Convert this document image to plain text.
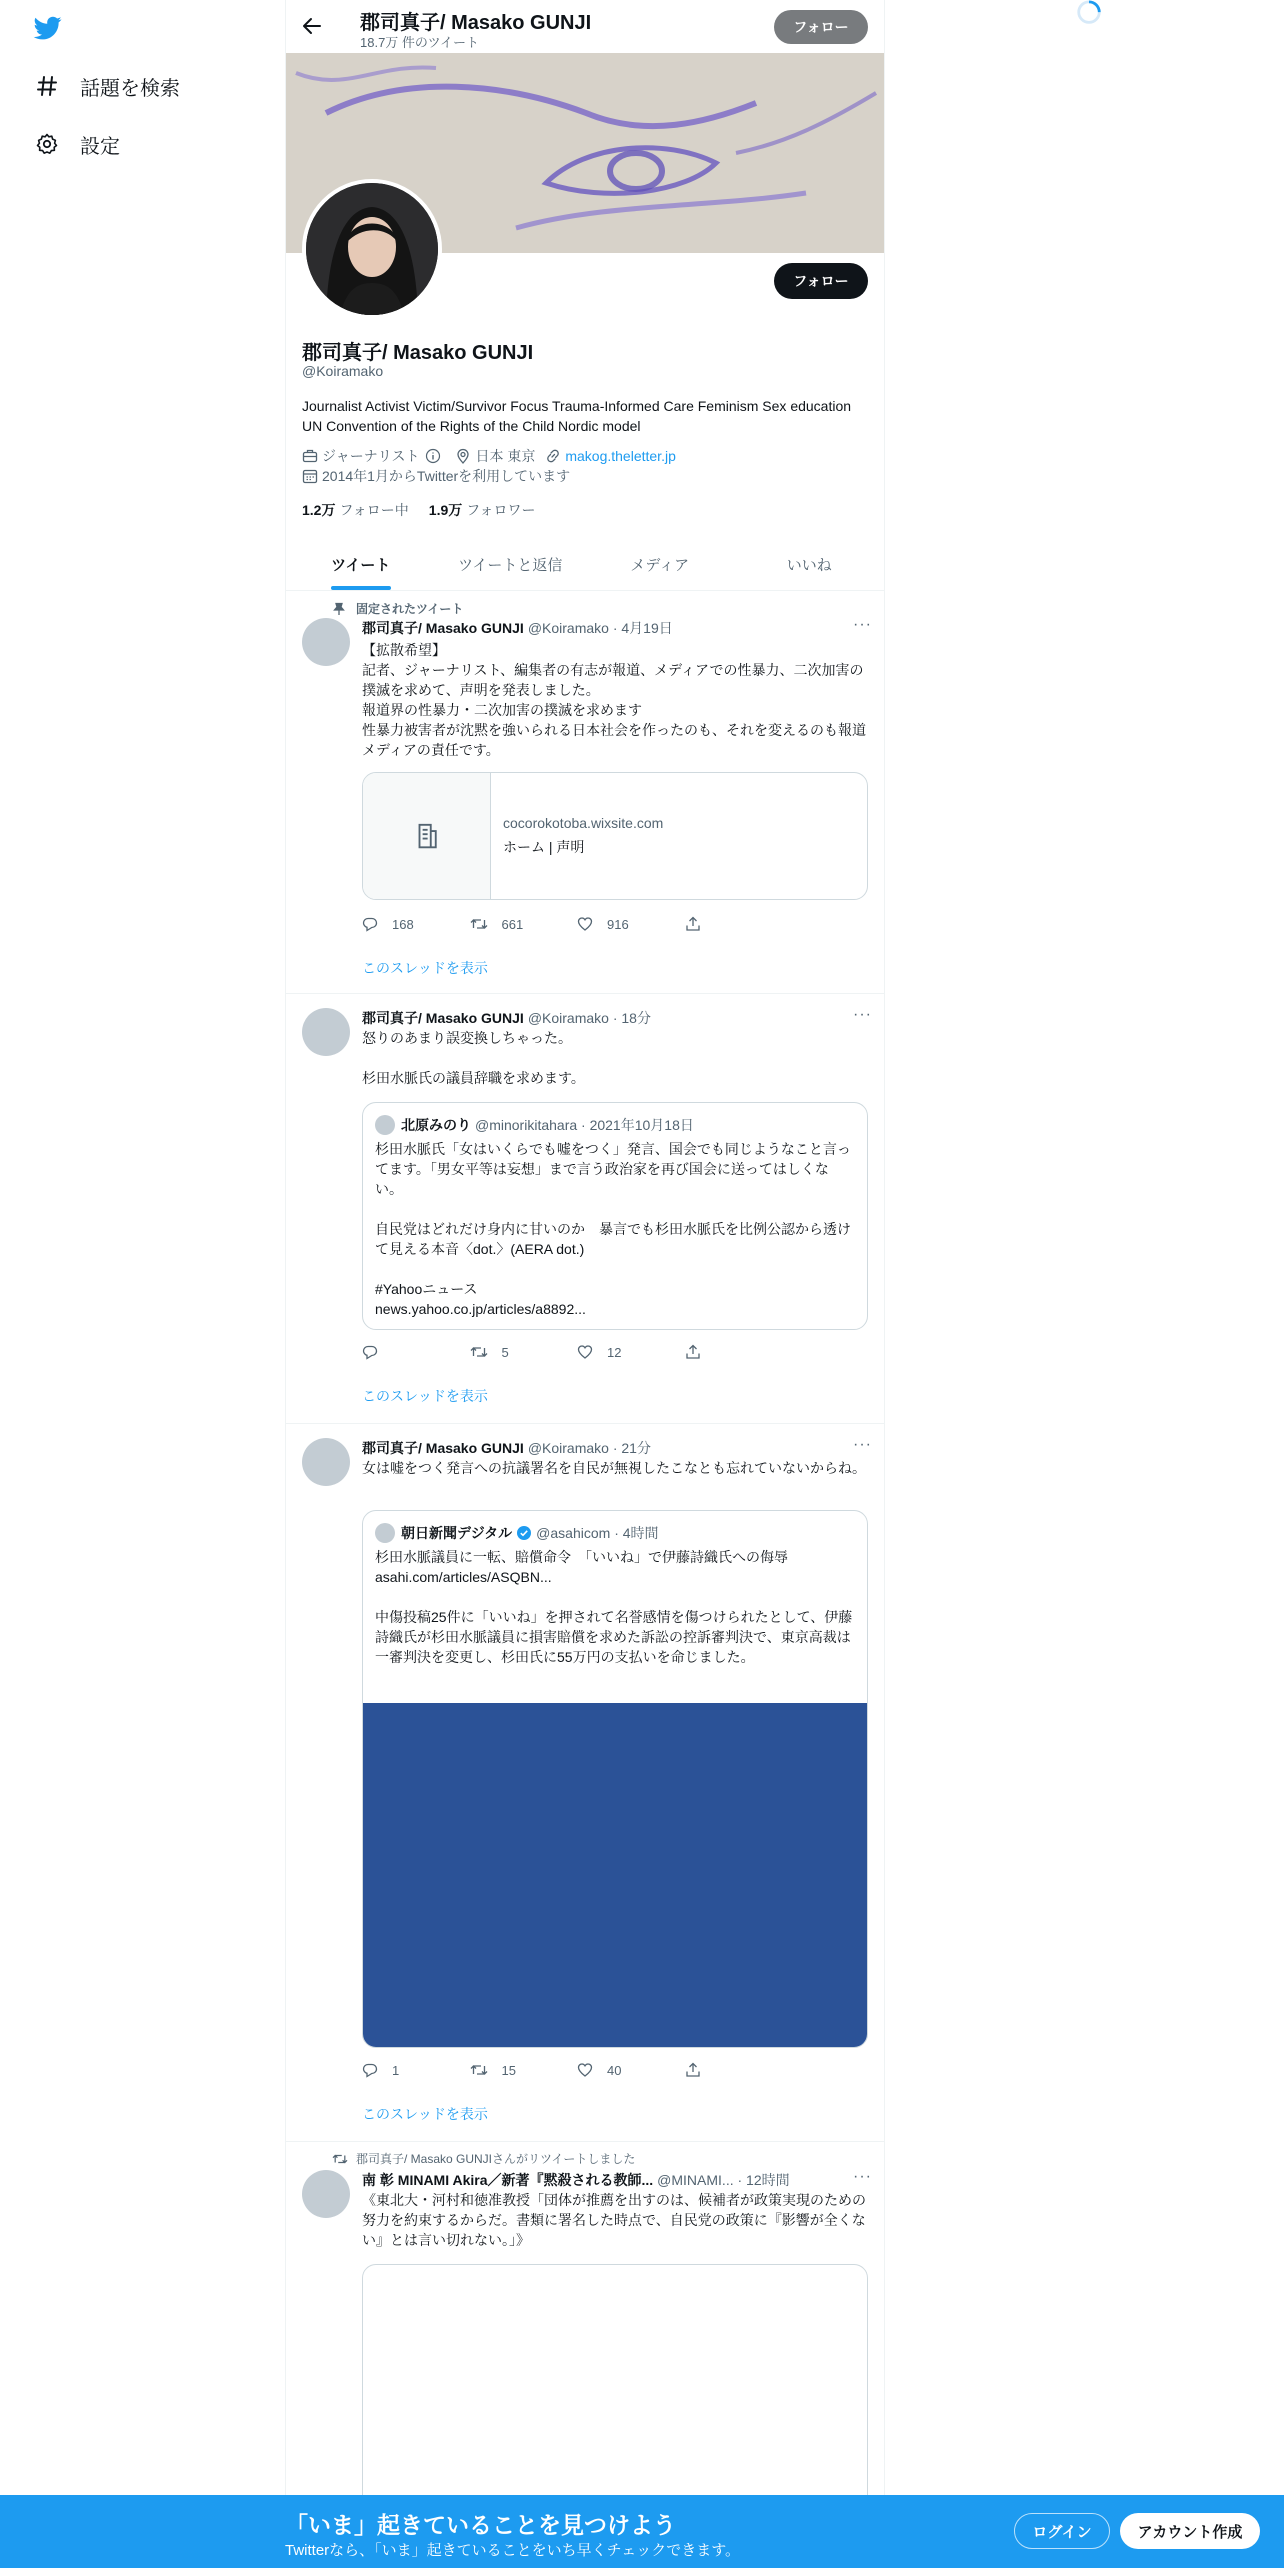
話題を検索
設定
郡司真子/ Masako GUNJI
18.7万 件のツイート
フォロー
フォロー
郡司真子/ Masako GUNJI
@Koiramako
Journalist Activist Victim/Survivor Focus Trauma-Informed Care Feminism Sex education UN Convention of the Rights of the Child Nordic model
ジャーナリスト	日本 東京 makog.theletter.jp
2014年1月からTwitterを利用しています
1.2万 フォロー中 1.9万 フォロワー
ツイート	ツイートと返信	メディア	いいね
固定されたツイート
郡司真子/ Masako GUNJI @Koiramako · 4月19日	···
【拡散希望】
記者、ジャーナリスト、編集者の有志が報道、メディアでの性暴力、二次加害の撲滅を求めて、声明を発表しました。
報道界の性暴力・二次加害の撲滅を求めます
性暴力被害者が沈黙を強いられる日本社会を作ったのも、それを変えるのも報道メディアの責任です。
cocorokotoba.wixsite.com
ホーム | 声明
168	661	916
このスレッドを表示
郡司真子/ Masako GUNJI @Koiramako · 18分	···
怒りのあまり誤変換しちゃった。

杉田水脈氏の議員辞職を求めます。
北原みのり @minorikitahara · 2021年10月18日
杉田水脈氏「女はいくらでも嘘をつく」発言、国会でも同じようなこと言ってます。「男女平等は妄想」まで言う政治家を再び国会に送ってはしくない。

自民党はどれだけ身内に甘いのか　暴言でも杉田水脈氏を比例公認から透けて見える本音〈dot.〉(AERA dot.)

#Yahooニュース
news.yahoo.co.jp/articles/a8892...
5	12
このスレッドを表示
郡司真子/ Masako GUNJI @Koiramako · 21分	···
女は嘘をつく発言への抗議署名を自民が無視したこなとも忘れていないからね。
朝日新聞デジタル @asahicom · 4時間
杉田水脈議員に一転、賠償命令　「いいね」で伊藤詩織氏への侮辱
asahi.com/articles/ASQBN...

中傷投稿25件に「いいね」を押されて名誉感情を傷つけられたとして、伊藤詩織氏が杉田水脈議員に損害賠償を求めた訴訟の控訴審判決で、東京高裁は一審判決を変更し、杉田氏に55万円の支払いを命じました。
1	15	40
このスレッドを表示
郡司真子/ Masako GUNJIさんがリツイートしました
南 彰 MINAMI Akira／新著『黙殺される教師... @MINAMI... · 12時間	···
《東北大・河村和徳准教授「団体が推薦を出すのは、候補者が政策実現のための努力を約束するからだ。書類に署名した時点で、自民党の政策に『影響が全くない』とは言い切れない。」》
「いま」起きていることを見つけよう
Twitterなら、「いま」起きていることをいち早くチェックできます。
ログイン	アカウント作成
